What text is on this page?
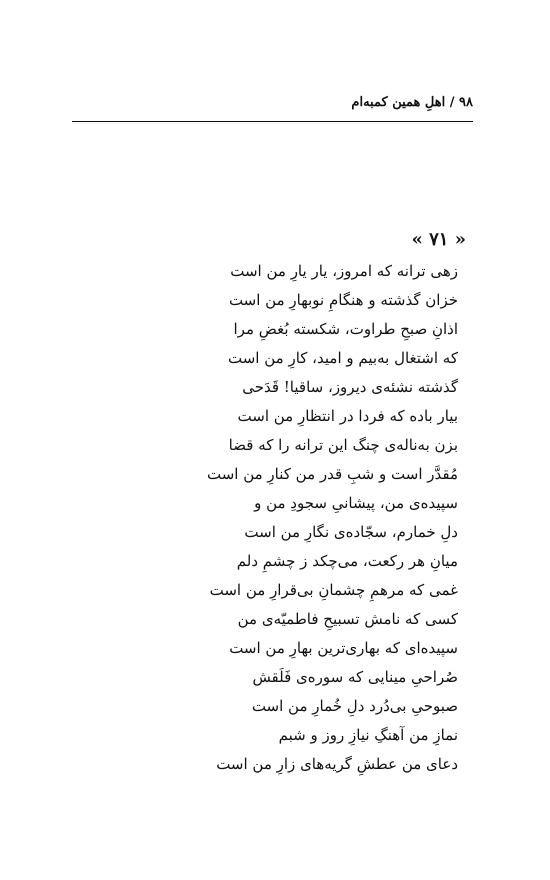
۹۸ / اهلِ همین کمبه‌ام
« ۷۱ »
زهی ترانه که امروز، یار یارِ من است
خزان گذشته و هنگامِ نوبهارِ من است
اذانِ صبحِ طراوت، شکسته بُغضِ مرا
که اشتغال به‌بیم و امید، کارِ من است
گذشته نشئه‌ی دیروز، ساقیا! قَدَحی
بیار باده که فردا در انتظارِ من است
بزن به‌ناله‌ی چنگ این ترانه را که قضا
مُقدَّر است و شبِ قدر من کنارِ من است
سپیده‌ی من، پیشانیِ سجودِ من و
دلِ خمارم، سجّاده‌ی نگارِ من است
میانِ هر رکعت، می‌چکد ز چشمِ دلم
غمی که مرهمِ چشمانِ بی‌قرارِ من است
کسی که نامش تسبیحِ فاطمیّه‌ی من
سپیده‌ای که بهاری‌ترین بهارِ من است
صُراحیِ مینایی که سوره‌ی فَلَقش
صبوحیِ بی‌دُرد دلِ خُمارِ من است
نمازِ من آهنگِ نیازِ روز و شبم
دعای من عطشِ گریه‌های زارِ من است
